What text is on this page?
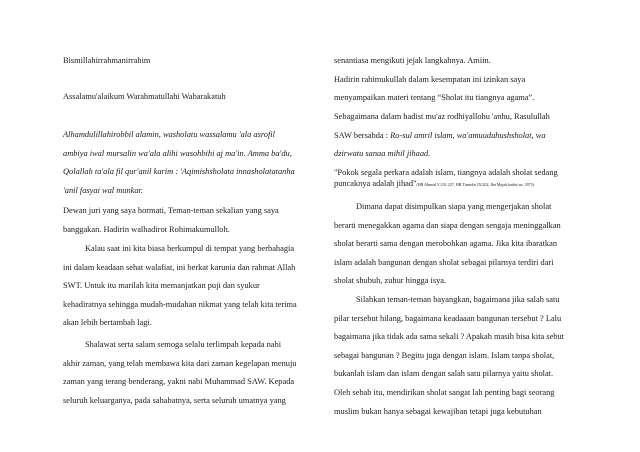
Bismillahirrahmanirrahim

Assalamu'alaikum Warahmatullahi Wabarakatuh

Alhamdulillahirobbil alamin, washolatu wassalamu 'ala asrofil

ambiya iwal mursalin wa'ala alihi wasohbihi aj ma'in. Amma ba'du,

Qolallah ta'ala fil qur'anil karim : 'Aqimishsholata innasholatatanha

'anil fasyai wal munkar.

Dewan juri yang saya hormati, Teman-teman sekalian yang saya

banggakan. Hadirin walhadirot Rohimakumulloh.

Kalau saat ini kita biasa berkumpul di tempat yang berbahagia

ini dalam keadaan sehat walafiat, ini berkat karunia dan rahmat Allah

SWT. Untuk itu marilah kita memanjatkan puji dan syukur

kehadiratnya sehingga mudah-mudahan nikmat yang telah kita terima

akan lebih bertambah lagi.

Shalawat serta salam semoga selalu terlimpah kepada nabi

akhir zaman, yang telah membawa kita dari zaman kegelapan menuju

zaman yang terang benderang, yakni nabi Muhammad SAW. Kepada

seluruh keluarganya, pada sahabatnya, serta seluruh umatnya yang

senantiasa mengikuti jejak langkahnya. Amiin.

Hadirin rahimukullah dalam kesempatan ini izinkan saya

menyampaikan materi tentang “Sholat itu tiangnya agama”.

Sebagaimana dalam hadist mu'az rodhiyallohu 'anhu, Rasulullah

SAW bersabda : Ro-sul amril islam, wa'amuuduhushsholat, wa

dzirwatu sanaa mihil jihaad.

"Pokok segala perkara adalah islam, tiangnya adalah sholat sedang

puncaknya adalah jihad"(HR Ahmad V/231.237, HR Tirmidzi IX/202, Ibn Majah hadist no. 3973)

Dimana dapat disimpulkan siapa yang mengerjakan sholat

berarti menegakkan agama dan siapa dengan sengaja meninggalkan

sholat berarti sama dengan merobohkan agama. Jika kita ibaratkan

islam adalah bangunan dengan sholat sebagai pilarnya terdiri dari

sholat shubuh, zuhur hingga isya.

Silahkan teman-teman bayangkan, bagaimana jika salah satu

pilar tersebut hilang, bagaimana keadaaan bangunan tersebut ? Lalu

bagaimana jika tidak ada sama sekali ? Apakah masih bisa kita sebut

sebagai bangunan ? Begitu juga dengan islam. Islam tanpa sholat,

bukanlah islam dan islam dengan salah satu pilarnya yaitu sholat.

Oleh sebab itu, mendirikan sholat sangat lah penting bagi seorang

muslim bukan hanya sebagai kewajiban tetapi juga kebutuhan
